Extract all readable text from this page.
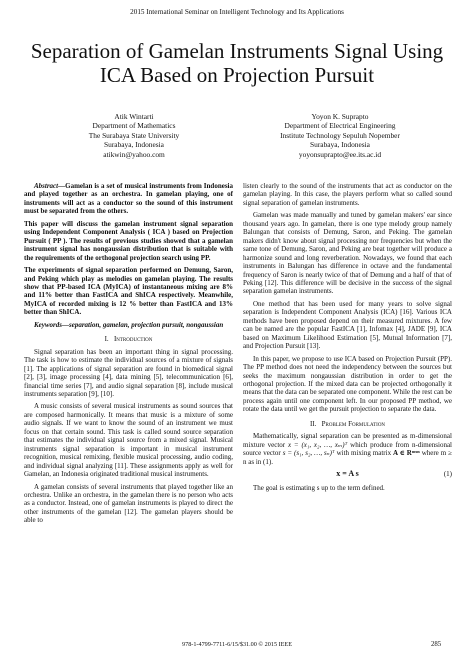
2015 International Seminar on Intelligent Technology and Its Applications
Separation of Gamelan Instruments Signal Using ICA Based on Projection Pursuit
Atik Wintarti
Department of Mathematics
The Surabaya State University
Surabaya, Indonesia
atikwin@yahoo.com
Yoyon K. Suprapto
Department of Electrical Engineering
Institute Technology Sepuluh Nopember
Surabaya, Indonesia
yoyonsuprapto@ee.its.ac.id

Abstract—Gamelan is a set of musical instruments from Indonesia and played together as an orchestra. In gamelan playing, one of instruments will act as a conductor so the sound of this instrument must be separated from the others.

This paper will discuss the gamelan instrument signal separation using Independent Component Analysis ( ICA ) based on Projection Pursuit ( PP ). The results of previous studies showed that a gamelan instrument signal has nongaussian distribution that is suitable with the requirements of the orthogonal projection search using PP.

The experiments of signal separation performed on Demung, Saron, and Peking which play as melodies on gamelan playing. The results show that PP-based ICA (MyICA) of instantaneous mixing are 8% and 11% better than FastICA and ShICA respectively. Meanwhile, MyICA of recorded mixing is 12 % better than FastICA and 13% better than ShICA.

Keywords—separation, gamelan, projection pursuit, nongaussian

I. Introduction

Signal separation has been an important thing in signal processing. The task is how to estimate the individual sources of a mixture of signals [1]. The applications of signal separation are found in biomedical signal [2], [3], image processing [4], data mining [5], telecommunication [6], financial time series [7], and audio signal separation [8], include musical instruments separation [9], [10].

A music consists of several musical instruments as sound sources that are composed harmonically. It means that music is a mixture of some audio signals. If we want to know the sound of an instrument we must focus on that certain sound. This task is called sound source separation that estimates the individual signal source from a mixed signal. Musical instruments signal separation is important in musical instrument recognition, musical remixing, flexible musical processing, audio coding, and individual signal analyzing [11]. These assignments apply as well for Gamelan, an Indonesia originated traditional musical instruments.

A gamelan consists of several instruments that played together like an orchestra. Unlike an orchestra, in the gamelan there is no person who acts as a conductor. Instead, one of gamelan instruments is played to direct the other instruments of the gamelan [12]. The gamelan players should be able to

listen clearly to the sound of the instruments that act as conductor on the gamelan playing. In this case, the players perform what so called sound signal separation of gamelan instruments.

Gamelan was made manually and tuned by gamelan makers' ear since thousand years ago. In gamelan, there is one type melody group namely Balungan that consists of Demung, Saron, and Peking. The gamelan makers didn't know about signal processing nor frequencies but when the same tone of Demung, Saron, and Peking are beat together will produce a harmonize sound and long reverberation. Nowadays, we found that each instruments in Balungan has difference in octave and the fundamental frequency of Saron is nearly twice of that of Demung and a half of that of Peking [12]. This difference will be decisive in the success of the signal separation gamelan instruments.

One method that has been used for many years to solve signal separation is Independent Component Analysis (ICA) [16]. Various ICA methods have been proposed depend on their measured mixtures. A few can be named are the popular FastICA [1], Infomax [4], JADE [9], ICA based on Maximum Likelihood Estimation [5], Mutual Information [7], and Projection Pursuit [13].

In this paper, we propose to use ICA based on Projection Pursuit (PP). The PP method does not need the independency between the sources but seeks the maximum nongaussian distribution in order to get the orthogonal projection. If the mixed data can be projected orthogonally it means that the data can be separated one component. While the rest can be process again until one component left. In our proposed PP method, we rotate the data until we get the pursuit projection to separate the data.

II. Problem Formulation

Mathematically, signal separation can be presented as m-dimensional mixture vector x = (x₁, x₂, …, xₘ)ᵀ which produce from n-dimensional source vector s = (s₁, s₂, …, sₙ)ᵀ with mixing matrix A ∈ Rᵐˣⁿ where m ≥ n as in (1).

x = A s	(1)

The goal is estimating s up to the term defined.

978-1-4799-7711-6/15/$31.00 © 2015 IEEE	285
